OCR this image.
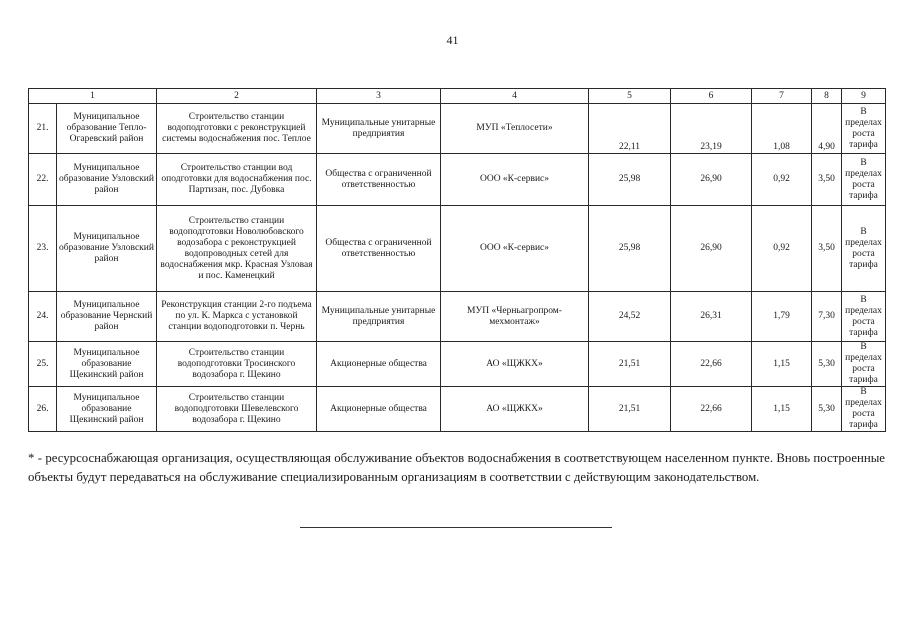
41
1		2	3	4	5	6	7	8	9
21.	Муниципальное образование Тепло-Огаревский район	Строительство станции водоподготовки с реконструкцией системы водоснабжения пос. Теплое	Муниципальные унитарные предприятия	МУП «Теплосети»	22,11	23,19	1,08	4,90	В пределах роста тарифа
22.	Муниципальное образование Узловский район	Строительство станции вод оподготовки для водоснабжения пос. Партизан, пос. Дубовка	Общества с ограниченной ответственностью	ООО «К-сервис»	25,98	26,90	0,92	3,50	В пределах роста тарифа
23.	Муниципальное образование Узловский район	Строительство станции водоподготовки Новолюбовского водозабора с реконструкцией водопроводных сетей для водоснабжения мкр. Красная Узловая и пос. Каменецкий	Общества с ограниченной ответственностью	ООО «К-сервис»	25,98	26,90	0,92	3,50	В пределах роста тарифа
24.	Муниципальное образование Чернский район	Реконструкция станции 2-го подъема по ул. К. Маркса с установкой станции водоподготовки п. Чернь	Муниципальные унитарные предприятия	МУП «Черньагропром-мехмонтаж»	24,52	26,31	1,79	7,30	В пределах роста тарифа
25.	Муниципальное образование Щекинский район	Строительство станции водоподготовки Тросинского водозабора г. Щекино	Акционерные общества	АО «ЩЖКХ»	21,51	22,66	1,15	5,30	В пределах роста тарифа
26.	Муниципальное образование Щекинский район	Строительство станции водоподготовки Шевелевского водозабора г. Щекино	Акционерные общества	АО «ЩЖКХ»	21,51	22,66	1,15	5,30	В пределах роста тарифа
* - ресурсоснабжающая организация, осуществляющая обслуживание объектов водоснабжения в соответствующем населенном пункте. Вновь построенные объекты будут передаваться на обслуживание специализированным организациям в соответствии с действующим законодательством.
